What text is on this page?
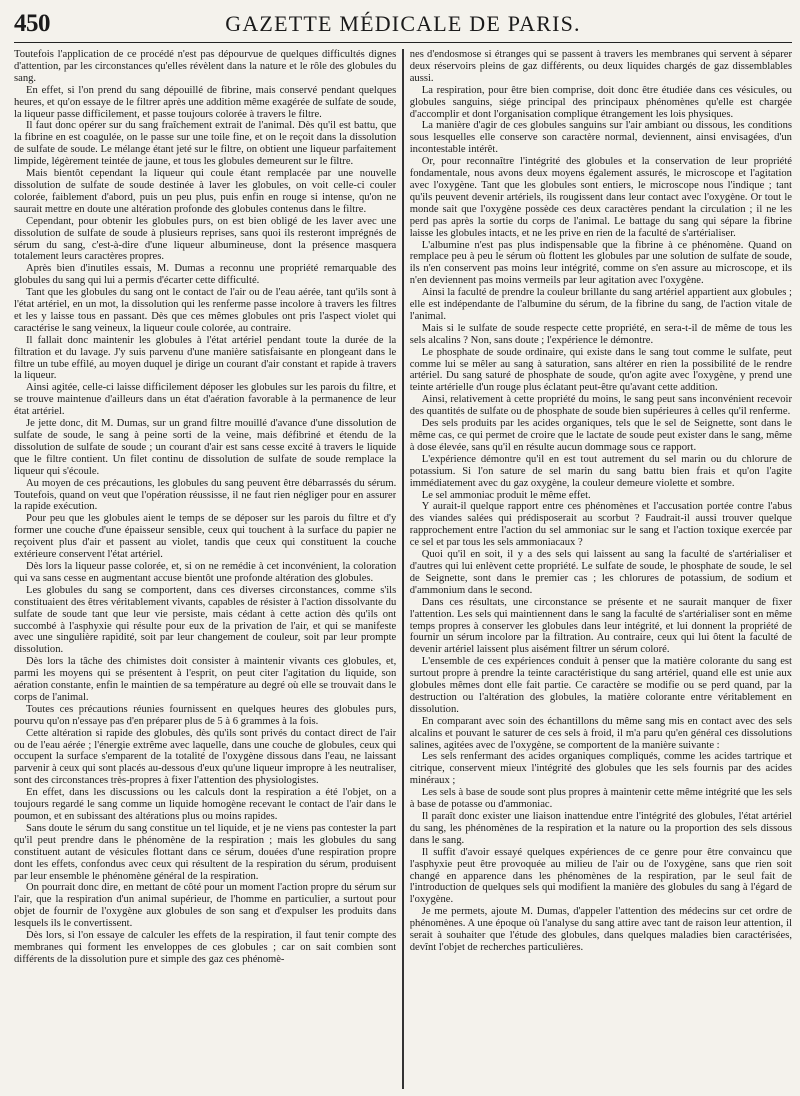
450	GAZETTE MÉDICALE DE PARIS.

Toutefois l'application de ce procédé n'est pas dépourvue de quelques difficultés dignes d'attention, par les circonstances qu'elles révèlent dans la nature et le rôle des globules du sang.

En effet, si l'on prend du sang dépouillé de fibrine, mais conservé pendant quelques heures, et qu'on essaye de le filtrer après une addition même exagérée de sulfate de soude, la liqueur passe difficilement, et passe toujours colorée à travers le filtre.

Il faut donc opérer sur du sang fraîchement extrait de l'animal. Dès qu'il est battu, que la fibrine en est coagulée, on le passe sur une toile fine, et on le reçoit dans la dissolution de sulfate de soude. Le mélange étant jeté sur le filtre, on obtient une liqueur parfaitement limpide, légèrement teintée de jaune, et tous les globules demeurent sur le filtre.

Mais bientôt cependant la liqueur qui coule étant remplacée par une nouvelle dissolution de sulfate de soude destinée à laver les globules, on voit celle-ci couler colorée, faiblement d'abord, puis un peu plus, puis enfin en rouge si intense, qu'on ne saurait mettre en doute une altération profonde des globules contenus dans le filtre.

Cependant, pour obtenir les globules purs, on est bien obligé de les laver avec une dissolution de sulfate de soude à plusieurs reprises, sans quoi ils resteront imprégnés de sérum du sang, c'est-à-dire d'une liqueur albumineuse, dont la présence masquera totalement leurs caractères propres.

Après bien d'inutiles essais, M. Dumas a reconnu une propriété remarquable des globules du sang qui lui a permis d'écarter cette difficulté.

Tant que les globules du sang ont le contact de l'air ou de l'eau aérée, tant qu'ils sont à l'état artériel, en un mot, la dissolution qui les renferme passe incolore à travers les filtres et les y laisse tous en passant. Dès que ces mêmes globules ont pris l'aspect violet qui caractérise le sang veineux, la liqueur coule colorée, au contraire.

Il fallait donc maintenir les globules à l'état artériel pendant toute la durée de la filtration et du lavage. J'y suis parvenu d'une manière satisfaisante en plongeant dans le filtre un tube effilé, au moyen duquel je dirige un courant d'air constant et rapide à travers la liqueur.

Ainsi agitée, celle-ci laisse difficilement déposer les globules sur les parois du filtre, et se trouve maintenue d'ailleurs dans un état d'aération favorable à la permanence de leur état artériel.

Je jette donc, dit M. Dumas, sur un grand filtre mouillé d'avance d'une dissolution de sulfate de soude, le sang à peine sorti de la veine, mais défibriné et étendu de la dissolution de sulfate de soude ; un courant d'air est sans cesse excité à travers le liquide que le filtre contient. Un filet continu de dissolution de sulfate de soude remplace la liqueur qui s'écoule.

Au moyen de ces précautions, les globules du sang peuvent être débarrassés du sérum. Toutefois, quand on veut que l'opération réussisse, il ne faut rien négliger pour en assurer la rapide exécution.

Pour peu que les globules aient le temps de se déposer sur les parois du filtre et d'y former une couche d'une épaisseur sensible, ceux qui touchent à la surface du papier ne reçoivent plus d'air et passent au violet, tandis que ceux qui constituent la couche extérieure conservent l'état artériel.

Dès lors la liqueur passe colorée, et, si on ne remédie à cet inconvénient, la coloration qui va sans cesse en augmentant accuse bientôt une profonde altération des globules.

Les globules du sang se comportent, dans ces diverses circonstances, comme s'ils constituaient des êtres véritablement vivants, capables de résister à l'action dissolvante du sulfate de soude tant que leur vie persiste, mais cédant à cette action dès qu'ils ont succombé à l'asphyxie qui résulte pour eux de la privation de l'air, et qui se manifeste avec une singulière rapidité, soit par leur changement de couleur, soit par leur prompte dissolution.

Dès lors la tâche des chimistes doit consister à maintenir vivants ces globules, et, parmi les moyens qui se présentent à l'esprit, on peut citer l'agitation du liquide, son aération constante, enfin le maintien de sa température au degré où elle se trouvait dans le corps de l'animal.

Toutes ces précautions réunies fournissent en quelques heures des globules purs, pourvu qu'on n'essaye pas d'en préparer plus de 5 à 6 grammes à la fois.

Cette altération si rapide des globules, dès qu'ils sont privés du contact direct de l'air ou de l'eau aérée ; l'énergie extrême avec laquelle, dans une couche de globules, ceux qui occupent la surface s'emparent de la totalité de l'oxygène dissous dans l'eau, ne laissant parvenir à ceux qui sont placés au-dessous d'eux qu'une liqueur impropre à les neutraliser, sont des circonstances très-propres à fixer l'attention des physiologistes.

En effet, dans les discussions ou les calculs dont la respiration a été l'objet, on a toujours regardé le sang comme un liquide homogène recevant le contact de l'air dans le poumon, et en subissant des altérations plus ou moins rapides.

Sans doute le sérum du sang constitue un tel liquide, et je ne viens pas contester la part qu'il peut prendre dans le phénomène de la respiration ; mais les globules du sang constituent autant de vésicules flottant dans ce sérum, douées d'une respiration propre dont les effets, confondus avec ceux qui résultent de la respiration du sérum, produisent par leur ensemble le phénomène général de la respiration.

On pourrait donc dire, en mettant de côté pour un moment l'action propre du sérum sur l'air, que la respiration d'un animal supérieur, de l'homme en particulier, a surtout pour objet de fournir de l'oxygène aux globules de son sang et d'expulser les produits dans lesquels ils le convertissent.

Dès lors, si l'on essaye de calculer les effets de la respiration, il faut tenir compte des membranes qui forment les enveloppes de ces globules ; car on sait combien sont différents de la dissolution pure et simple des gaz ces phénomè-

nes d'endosmose si étranges qui se passent à travers les membranes qui servent à séparer deux réservoirs pleins de gaz différents, ou deux liquides chargés de gaz dissemblables aussi.

La respiration, pour être bien comprise, doit donc être étudiée dans ces vésicules, ou globules sanguins, siége principal des principaux phénomènes qu'elle est chargée d'accomplir et dont l'organisation complique étrangement les lois physiques.

La manière d'agir de ces globules sanguins sur l'air ambiant ou dissous, les conditions sous lesquelles elle conserve son caractère normal, deviennent, ainsi envisagées, d'un incontestable intérêt.

Or, pour reconnaître l'intégrité des globules et la conservation de leur propriété fondamentale, nous avons deux moyens également assurés, le microscope et l'agitation avec l'oxygène. Tant que les globules sont entiers, le microscope nous l'indique ; tant qu'ils peuvent devenir artériels, ils rougissent dans leur contact avec l'oxygène. Or tout le monde sait que l'oxygène possède ces deux caractères pendant la circulation ; il ne les perd pas après la sortie du corps de l'animal. Le battage du sang qui sépare la fibrine laisse les globules intacts, et ne les prive en rien de la faculté de s'artérialiser.

L'albumine n'est pas plus indispensable que la fibrine à ce phénomène. Quand on remplace peu à peu le sérum où flottent les globules par une solution de sulfate de soude, ils n'en conservent pas moins leur intégrité, comme on s'en assure au microscope, et ils n'en deviennent pas moins vermeils par leur agitation avec l'oxygène.

Ainsi la faculté de prendre la couleur brillante du sang artériel appartient aux globules ; elle est indépendante de l'albumine du sérum, de la fibrine du sang, de l'action vitale de l'animal.

Mais si le sulfate de soude respecte cette propriété, en sera-t-il de même de tous les sels alcalins ? Non, sans doute ; l'expérience le démontre.

Le phosphate de soude ordinaire, qui existe dans le sang tout comme le sulfate, peut comme lui se mêler au sang à saturation, sans altérer en rien la possibilité de le rendre artériel. Du sang saturé de phosphate de soude, qu'on agite avec l'oxygène, y prend une teinte artérielle d'un rouge plus éclatant peut-être qu'avant cette addition.

Ainsi, relativement à cette propriété du moins, le sang peut sans inconvénient recevoir des quantités de sulfate ou de phosphate de soude bien supérieures à celles qu'il renferme.

Des sels produits par les acides organiques, tels que le sel de Seignette, sont dans le même cas, ce qui permet de croire que le lactate de soude peut exister dans le sang, même à dose élevée, sans qu'il en résulte aucun dommage sous ce rapport.

L'expérience démontre qu'il en est tout autrement du sel marin ou du chlorure de potassium. Si l'on sature de sel marin du sang battu bien frais et qu'on l'agite immédiatement avec du gaz oxygène, la couleur demeure violette et sombre.

Le sel ammoniac produit le même effet.

Y aurait-il quelque rapport entre ces phénomènes et l'accusation portée contre l'abus des viandes salées qui prédisposerait au scorbut ? Faudrait-il aussi trouver quelque rapprochement entre l'action du sel ammoniac sur le sang et l'action toxique exercée par ce sel et par tous les sels ammoniacaux ?

Quoi qu'il en soit, il y a des sels qui laissent au sang la faculté de s'artérialiser et d'autres qui lui enlèvent cette propriété. Le sulfate de soude, le phosphate de soude, le sel de Seignette, sont dans le premier cas ; les chlorures de potassium, de sodium et d'ammonium dans le second.

Dans ces résultats, une circonstance se présente et ne saurait manquer de fixer l'attention. Les sels qui maintiennent dans le sang la faculté de s'artérialiser sont en même temps propres à conserver les globules dans leur intégrité, et lui donnent la propriété de fournir un sérum incolore par la filtration. Au contraire, ceux qui lui ôtent la faculté de devenir artériel laissent plus aisément filtrer un sérum coloré.

L'ensemble de ces expériences conduit à penser que la matière colorante du sang est surtout propre à prendre la teinte caractéristique du sang artériel, quand elle est unie aux globules mêmes dont elle fait partie. Ce caractère se modifie ou se perd quand, par la destruction ou l'altération des globules, la matière colorante entre véritablement en dissolution.

En comparant avec soin des échantillons du même sang mis en contact avec des sels alcalins et pouvant le saturer de ces sels à froid, il m'a paru qu'en général ces dissolutions salines, agitées avec de l'oxygène, se comportent de la manière suivante :

Les sels renfermant des acides organiques compliqués, comme les acides tartrique et citrique, conservent mieux l'intégrité des globules que les sels fournis par des acides minéraux ;

Les sels à base de soude sont plus propres à maintenir cette même intégrité que les sels à base de potasse ou d'ammoniac.

Il paraît donc exister une liaison inattendue entre l'intégrité des globules, l'état artériel du sang, les phénomènes de la respiration et la nature ou la proportion des sels dissous dans le sang.

Il suffit d'avoir essayé quelques expériences de ce genre pour être convaincu que l'asphyxie peut être provoquée au milieu de l'air ou de l'oxygène, sans que rien soit changé en apparence dans les phénomènes de la respiration, par le seul fait de l'introduction de quelques sels qui modifient la manière des globules du sang à l'égard de l'oxygène.

Je me permets, ajoute M. Dumas, d'appeler l'attention des médecins sur cet ordre de phénomènes. A une époque où l'analyse du sang attire avec tant de raison leur attention, il serait à souhaiter que l'étude des globules, dans quelques maladies bien caractérisées, devînt l'objet de recherches particulières.
